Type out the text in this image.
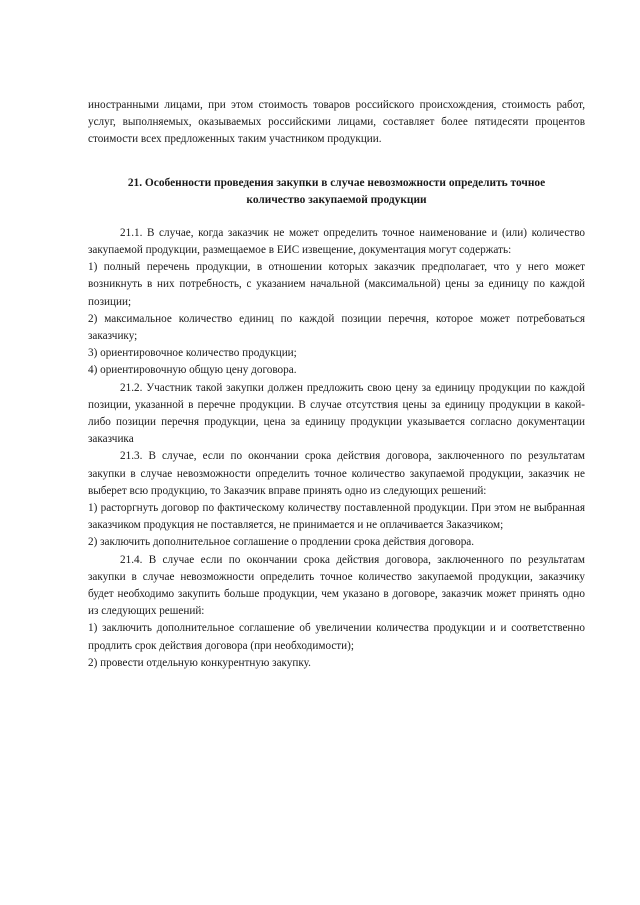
иностранными лицами, при этом стоимость товаров российского происхождения, стоимость работ, услуг, выполняемых, оказываемых российскими лицами, составляет более пятидесяти процентов стоимости всех предложенных таким участником продукции.

21. Особенности проведения закупки в случае невозможности определить точное
количество закупаемой продукции

21.1. В случае, когда заказчик не может определить точное наименование и (или) количество закупаемой продукции, размещаемое в ЕИС извещение, документация могут содержать:

1) полный перечень продукции, в отношении которых заказчик предполагает, что у него может возникнуть в них потребность, с указанием начальной (максимальной) цены за единицу по каждой позиции;

2) максимальное количество единиц по каждой позиции перечня, которое может потребоваться заказчику;

3) ориентировочное количество продукции;

4) ориентировочную общую цену договора.

21.2. Участник такой закупки должен предложить свою цену за единицу продукции по каждой позиции, указанной в перечне продукции. В случае отсутствия цены за единицу продукции в какой-либо позиции перечня продукции, цена за единицу продукции указывается согласно документации заказчика

21.3. В случае, если по окончании срока действия договора, заключенного по результатам закупки в случае невозможности определить точное количество закупаемой продукции, заказчик не выберет всю продукцию, то Заказчик вправе принять одно из следующих решений:

1) расторгнуть договор по фактическому количеству поставленной продукции. При этом не выбранная заказчиком продукция не поставляется, не принимается и не оплачивается Заказчиком;

2) заключить дополнительное соглашение о продлении срока действия договора.

21.4. В случае если по окончании срока действия договора, заключенного по результатам закупки в случае невозможности определить точное количество закупаемой продукции, заказчику будет необходимо закупить больше продукции, чем указано в договоре, заказчик может принять одно из следующих решений:

1) заключить дополнительное соглашение об увеличении количества продукции и и соответственно продлить срок действия договора (при необходимости);

2) провести отдельную конкурентную закупку.
